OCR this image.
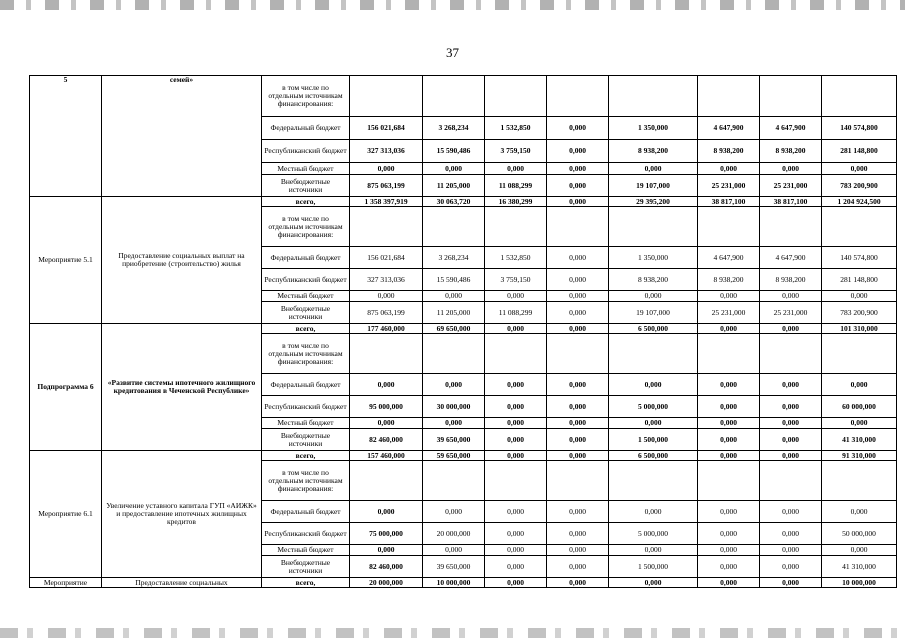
37
5	семей»	в том числе по отдельным источникам финансирования:								
		Федеральный бюджет	156 021,684	3 268,234	1 532,850	0,000	1 350,000	4 647,900	4 647,900	140 574,800
		Республиканский бюджет	327 313,036	15 590,486	3 759,150	0,000	8 938,200	8 938,200	8 938,200	281 148,800
		Местный бюджет	0,000	0,000	0,000	0,000	0,000	0,000	0,000	0,000
		Внебюджетные источники	875 063,199	11 205,000	11 088,299	0,000	19 107,000	25 231,000	25 231,000	783 200,900
Мероприятие 5.1	Предоставление социальных выплат на приобретение (строительство) жилья	всего,	1 358 397,919	30 063,720	16 380,299	0,000	29 395,200	38 817,100	38 817,100	1 204 924,500
		в том числе по отдельным источникам финансирования:								
		Федеральный бюджет	156 021,684	3 268,234	1 532,850	0,000	1 350,000	4 647,900	4 647,900	140 574,800
		Республиканский бюджет	327 313,036	15 590,486	3 759,150	0,000	8 938,200	8 938,200	8 938,200	281 148,800
		Местный бюджет	0,000	0,000	0,000	0,000	0,000	0,000	0,000	0,000
		Внебюджетные источники	875 063,199	11 205,000	11 088,299	0,000	19 107,000	25 231,000	25 231,000	783 200,900
Подпрограмма 6	«Развитие системы ипотечного жилищного кредитования в Чеченской Республике»	всего,	177 460,000	69 650,000	0,000	0,000	6 500,000	0,000	0,000	101 310,000
		в том числе по отдельным источникам финансирования:								
		Федеральный бюджет	0,000	0,000	0,000	0,000	0,000	0,000	0,000	0,000
		Республиканский бюджет	95 000,000	30 000,000	0,000	0,000	5 000,000	0,000	0,000	60 000,000
		Местный бюджет	0,000	0,000	0,000	0,000	0,000	0,000	0,000	0,000
		Внебюджетные источники	82 460,000	39 650,000	0,000	0,000	1 500,000	0,000	0,000	41 310,000
Мероприятие 6.1	Увеличение уставного капитала ГУП «АИЖК» и предоставление ипотечных жилищных кредитов	всего,	157 460,000	59 650,000	0,000	0,000	6 500,000	0,000	0,000	91 310,000
		в том числе по отдельным источникам финансирования:								
		Федеральный бюджет	0,000	0,000	0,000	0,000	0,000	0,000	0,000	0,000
		Республиканский бюджет	75 000,000	20 000,000	0,000	0,000	5 000,000	0,000	0,000	50 000,000
		Местный бюджет	0,000	0,000	0,000	0,000	0,000	0,000	0,000	0,000
		Внебюджетные источники	82 460,000	39 650,000	0,000	0,000	1 500,000	0,000	0,000	41 310,000
Мероприятие	Предоставление социальных	всего,	20 000,000	10 000,000	0,000	0,000	0,000	0,000	0,000	10 000,000
